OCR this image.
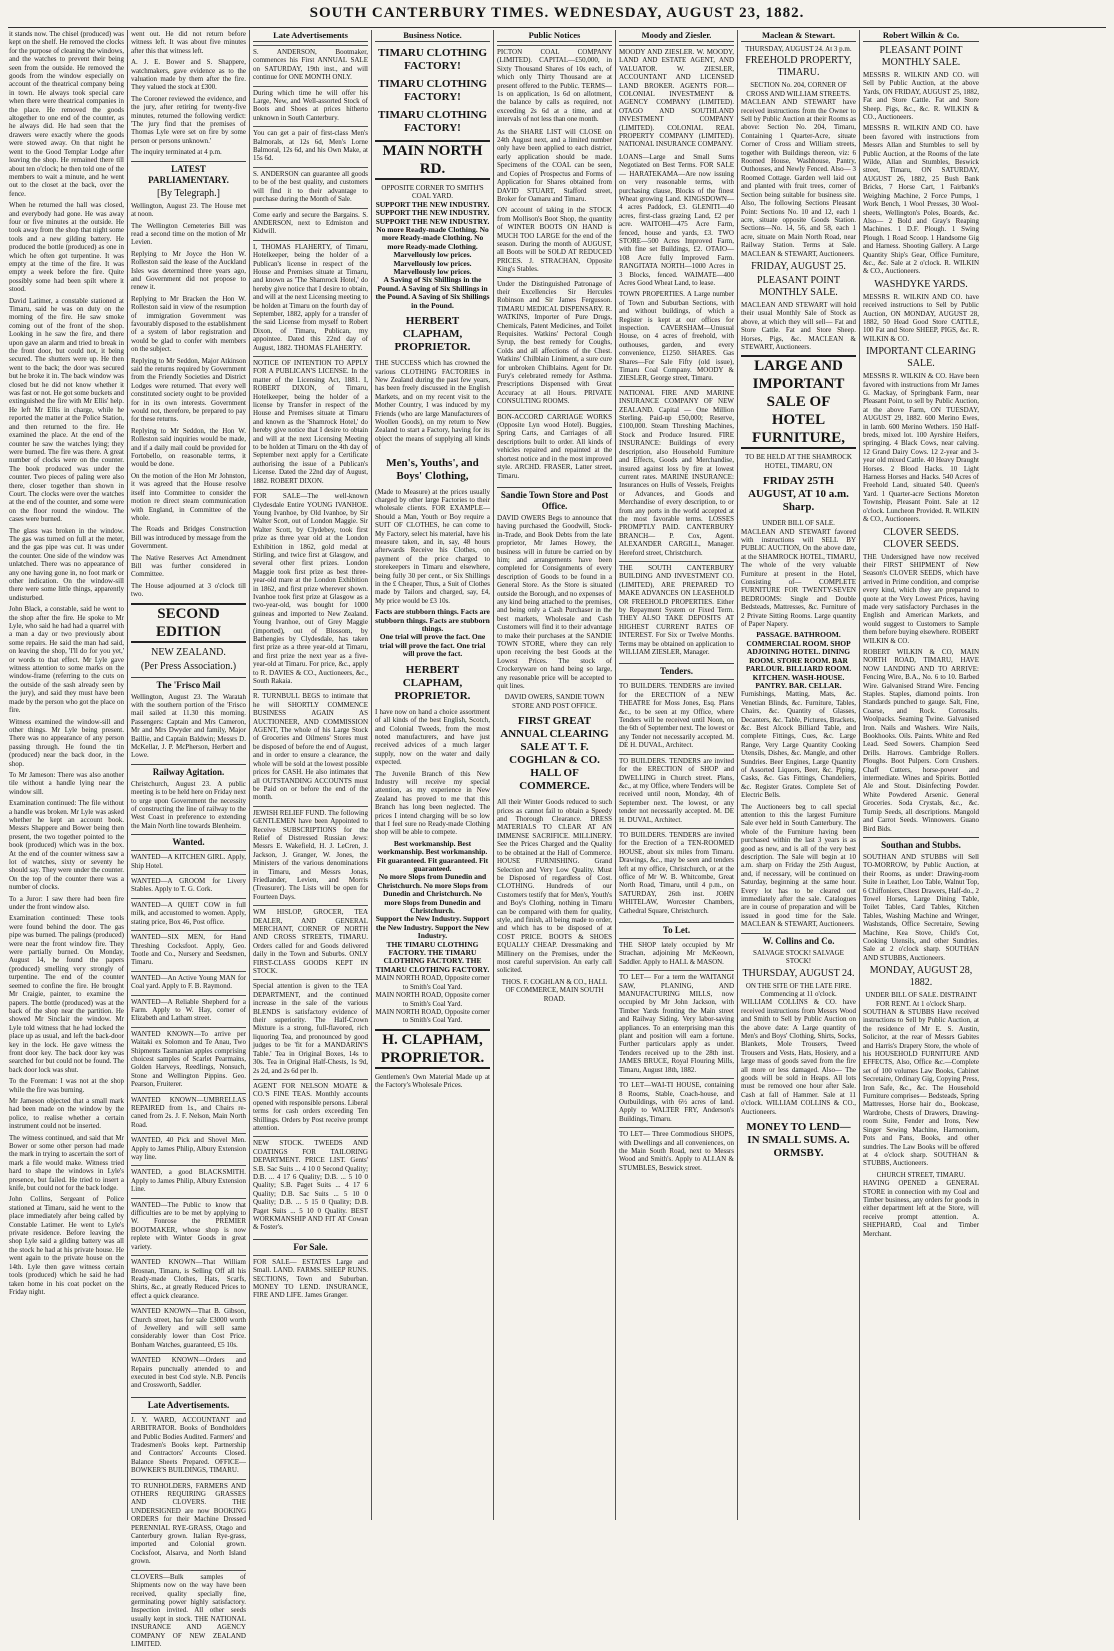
SOUTH CANTERBURY TIMES. WEDNESDAY, AUGUST 23, 1882.
it stands now. The chisel (produced) was kept on the shelf. He removed the clocks for the purpose of cleaning the windows, and the watches to prevent their being seen from the outside. He removed the goods from the window especially on account of the theatrical company being in town. He always took special care when there were theatrical companies in the place. He removed the goods altogether to one end of the counter, as he always did. He had seen that the drawers were exactly where the goods were stowed away. On that night he went to the Good Templar Lodge after leaving the shop. He remained there till about ten o'clock; he then told one of the members to wait a minute, and he went out to the closet at the back, over the fence.
When he returned the hall was closed, and everybody had gone. He was away four or five minutes at the outside. He took away from the shop that night some tools and a new gilding battery. He produced the bottle (produced) as one in which he often got turpentine. It was empty at the time of the fire. It was empty a week before the fire. Quite possibly some had been spilt where it stood.
David Latimer, a constable stationed at Timaru, said he was on duty on the morning of the fire. He saw smoke coming out of the front of the shop. Looking in he saw the fire, and there upon gave an alarm and tried to break in the front door, but could not, it being secured. The shutters were up. He then went to the back; the door was secured but he broke it in. The back window was closed but he did not know whether it was fast or not. He got some buckets and extinguished the fire with Mr Ellis' help. He left Mr Ellis in charge, while he reported the matter at the Police Station, and then returned to the fire. He examined the place. At the end of the counter he saw the watches lying; they were burned. The fire was there. A great number of clocks were on the counter. The book produced was under the counter. Two pieces of paling were also there, closer together than shown in Court. The clocks were over the watches at the end of the counter, and some were on the floor round the window. The cases were burned.
The glass was broken in the window. The gas was turned on full at the meter, and the gas pipe was cut. It was under the counter. One side of the window was unlatched. There was no appearance of any one having gone in, no foot mark or other indication. On the window-sill there were some little things, apparently undisturbed.
John Black, a constable, said he went to the shop after the fire. He spoke to Mr Lyle, who said he had had a quarrel with a man a day or two previously about some repairs. He said the man had said, on leaving the shop, 'I'll do for you yet,' or words to that effect. Mr Lyle gave witness attention to some marks on the window-frame (referring to the cuts on the outside of the sash already seen by the jury), and said they must have been made by the person who got the place on fire.
Witness examined the window-sill and other things. Mr Lyle being present. There was no appearance of any person passing through. He found the tin (produced) near the back door, in the shop.
To Mr Jameson: There was also another tile without a handle lying near the window sill.
Examination continued: The file without a handle was broken. Mr Lyle was asked whether he kept an account book. Messrs Shappere and Bower being then present, the two together pointed to the book (produced) which was in the box. At the end of the counter witness saw a lot of watches, sixty or seventy he should say. They were under the counter. On the top of the counter there was a number of clocks.
To a Juror: I saw there had been fire under the front window also.
Examination continued: These tools were found behind the door. The gas pipe was burned. The palings (produced) were near the front window fire. They were partially burned. On Monday, August 14, he found the papers (produced) smelling very strongly of turpentine. The end of the counter seemed to confine the fire. He brought Mr Craigie, painter, to examine the papers. The bottle (produced) was at the back of the shop near the partition. He showed Mr Sinclair the window. Mr Lyle told witness that he had locked the place up as usual, and left the back-door key in the lock. He gave witness the front door key. The back door key was searched for but could not be found. The back door lock was shut.
To the Foreman: I was not at the shop while the fire was burning.
Mr Jameson objected that a small mark had been made on the window by the police, to realise whether a certain instrument could not be inserted.
The witness continued, and said that Mr Bower or some other person had made the mark in trying to ascertain the sort of mark a file would make. Witness tried hard to shape the windows in Lyle's presence, but failed. He tried to insert a knife, but could not for the back lodge.
John Collins, Sergeant of Police stationed at Timaru, said he went to the place immediately after being called by Constable Latimer. He went to Lyle's private residence. Before leaving the shop Lyle said a gilding battery was all the stock he had at his private house. He went again to the private house on the 14th. Lyle then gave witness certain tools (produced) which he said he had taken home in his coat pocket on the Friday night.
went out. He did not return before witness left. It was about five minutes after this that witness left.
A. J. E. Bower and S. Shappere, watchmakers, gave evidence as to the valuation made by them after the fire. They valued the stock at £300.
The Coroner reviewed the evidence, and the jury, after retiring for twenty-five minutes, returned the following verdict: 'The jury find that the premises of Thomas Lyle were set on fire by some person or persons unknown.'
The inquiry terminated at 4 p.m.
LATEST PARLIAMENTARY.
[By Telegraph.]
Wellington, August 23. The House met at noon.
The Wellington Cemeteries Bill was read a second time on the motion of Mr Levien.
Replying to Mr Joyce the Hon W. Rolleston said the lease of the Auckland Isles was determined three years ago, and Government did not propose to renew it.
Replying to Mr Bracken the Hon W. Rolleston said in view of the resumption of immigration Government was favourably disposed to the establishment of a system of labor registration and would be glad to confer with members on the subject.
Replying to Mr Seddon, Major Atkinson said the returns required by Government from the Friendly Societies and District Lodges were returned. That every well constituted society ought to be provided for in its own interests. Government would not, therefore, be prepared to pay for these returns.
Replying to Mr Seddon, the Hon W. Rolleston said inquiries would be made, and if a daily mail could be provided for Fortobello, on reasonable terms, it would be done.
On the motion of the Hon Mr Johnston, it was agreed that the House resolve itself into Committee to consider the motion re direct steam communication with England, in Committee of the whole.
The Roads and Bridges Construction Bill was introduced by message from the Government.
The Native Reserves Act Amendment Bill was further considered in Committee.
The House adjourned at 3 o'clock till two.
SECOND EDITION
NEW ZEALAND.
(Per Press Association.)
The 'Frisco Mail
Wellington, August 23. The Waratah with the southern portion of the 'Frisco mail sailed at 11.30 this morning. Passengers: Captain and Mrs Cameron, Mr and Mrs Dwyder and family, Major Baillie, and Captain Baldwin; Messrs D. McKellar, J. P. McPherson, Herbert and Lowe.
Railway Agitation.
Christchurch, August 23. A public meeting is to be held here on Friday next to urge upon Government the necessity of constructing the line of railway to the West Coast in preference to extending the Main North line towards Blenheim.
Wanted.
WANTED—A KITCHEN GIRL. Apply, Ship Hotel.
WANTED—A GROOM for Livery Stables. Apply to T. G. Cork.
WANTED—A QUIET COW in full milk, and accustomed to women. Apply, stating price, Box 46, Post office.
WANTED—SIX MEN, for Hand Threshing Cocksfoot. Apply, Geo. Tootle and Co., Nursery and Seedsmen, Timaru.
WANTED—An Active Young MAN for Coal yard. Apply to F. B. Raymond.
WANTED—A Reliable Shepherd for a Farm. Apply to W. Hay, corner of Elizabeth and Latham street.
WANTED KNOWN—To arrive per Waitaki ex Solomon and Te Anau, Two Shipments Tasmanian apples comprising choicest samples of Scarlet Pearmains, Golden Harveys, Reedlings, Nonsuch, Stone and Wellington Pippins. Geo. Pearson, Fruiterer.
WANTED KNOWN—UMBRELLAS REPAIRED from 1s., and Chairs re-caned from 2s. J. F. Nelson, Main North Road.
WANTED, 40 Pick and Shovel Men. Apply to James Philip, Albury Extension way line.
WANTED, a good BLACKSMITH. Apply to James Philip, Albury Extension Line.
WANTED—The Public to know that difficulties are to be met by applying to W. Fonrose the PREMIER BOOTMAKER, whose shop is now replete with Winter Goods in great variety.
WANTED KNOWN—That William Brosnan, Timaru, is Selling Off all his Ready-made Clothes, Hats, Scarfs, Shirts, &c., at greatly Reduced Prices to effect a quick clearance.
WANTED KNOWN—That B. Gibson, Church street, has for sale £3000 worth of Jewellery and will sell same considerably lower than Cost Price. Bonham Watches, guaranteed, £5 10s.
WANTED KNOWN—Orders and Repairs punctually attended to and executed in best Cod style. N.B. Pencils and Crossworth, Saddler.
Late Advertisements.
J. Y. WARD, ACCOUNTANT and ARBITRATOR. Books of Bondholders and Public Bodies Audited. Farmers' and Tradesmen's Books kept. Partnership and Contractors' Accounts Closed. Balance Sheets Prepared. OFFICE—BOWKER'S BUILDINGS, TIMARU.
TO RUNHOLDERS, FARMERS AND OTHERS REQUIRING GRASSES AND CLOVERS. THE UNDERSIGNED are now BOOKING ORDERS for their Machine Dressed PERENNIAL RYE-GRASS, Otago and Canterbury grown. Italian Rye-grass, imported and Colonial grown. Cocksfoot, Alsarva, and North Island grown.
CLOVERS—Bulk samples of Shipments now on the way have been received, quality specially fine, germinating power highly satisfactory. Inspection invited. All other seeds usually kept in stock. THE NATIONAL INSURANCE AND AGENCY COMPANY OF NEW ZEALAND LIMITED.
Late Advertisements
S. ANDERSON, Bootmaker, commences his First ANNUAL SALE on SATURDAY, 19th inst., and will continue for ONE MONTH ONLY.
During which time he will offer his Large, New, and Well-assorted Stock of Boots and Shoes at prices hitherto unknown in South Canterbury.
You can get a pair of first-class Men's Balmorals, at 12s 6d, Men's Lorne Balmoral, 12s 6d, and his Own Make, at 15s 6d.
S. ANDERSON can guarantee all goods to be of the best quality, and customers will find it to their advantage to purchase during the Month of Sale.
Come early and secure the Bargains. S. ANDERSON, next to Edmiston and Kidwill.
I, THOMAS FLAHERTY, of Timaru, Hotelkeeper, being the holder of a Publican's license in respect of the House and Premises situate at Timaru, and known as 'The Shamrock Hotel,' do hereby give notice that I desire to obtain, and will at the next Licensing meeting to be holden at Timaru on the fourth day of September, 1882, apply for a transfer of the said License from myself to Robert Dixon, of Timaru, Publican, my appointee. Dated this 22nd day of August, 1882. THOMAS FLAHERTY.
NOTICE OF INTENTION TO APPLY FOR A PUBLICAN'S LICENSE. In the matter of the Licensing Act, 1881. I, ROBERT DIXON, of Timaru, Hotelkeeper, being the holder of a license by Transfer in respect of the House and Premises situate at Timaru and known as the 'Shamrock Hotel,' do hereby give notice that I desire to obtain and will at the next Licensing Meeting to be holden at Timaru on the 4th day of September next apply for a Certificate authorising the issue of a Publican's License. Dated the 22nd day of August, 1882. ROBERT DIXON.
FOR SALE—The well-known Clydesdale Entire YOUNG IVANHOE. Young Ivanhoe, by Old Ivanhoe, by Sir Walter Scott, out of London Maggie. Sir Walter Scott, by Clydebey, took first prize as three year old at the London Exhibition in 1862, gold medal at Stirling, and twice first at Glasgow, and several other first prizes. London Maggie took first prize as best three-year-old mare at the London Exhibition in 1862, and first prize wherever shown. Ivanhoe took first prize at Glasgow as a two-year-old, was bought for 1000 guineas and imported to New Zealand. Young Ivanhoe, out of Grey Maggie (imported), out of Blossom, by Bathengies by Clydesdale, has taken first prize as a three year-old at Timaru, and first prize the next year as a five-year-old at Timaru. For price, &c., apply to R. DAVIES & CO., Auctioneers, &c., South Rakaia.
R. TURNBULL BEGS to intimate that he will SHORTLY COMMENCE BUSINESS AGAIN AS AUCTIONEER, AND COMMISSION AGENT, The whole of his Large Stock of Groceries and Oilmens' Stores must be disposed of before the end of August, and in order to ensure a clearance, the whole will be sold at the lowest possible prices for CASH. He also intimates that all OUTSTANDING ACCOUNTS must be Paid on or before the end of the month.
JEWISH RELIEF FUND. The following GENTLEMEN have been Appointed to Receive SUBSCRIPTIONS for the Relief of Distressed Russian Jews: Messrs E. Wakefield, H. J. LeCren, J. Jackson, J. Granger, W. Jones, the Ministers of the various denominations in Timaru, and Messrs Jonas, Friedlander, Levien, and Morris (Treasurer). The Lists will be open for Fourteen Days.
WM HISLOP, GROCER, TEA DEALER, AND GENERAL MERCHANT, CORNER OF NORTH AND CROSS STREETS, TIMARU. Orders called for and Goods delivered daily in the Town and Suburbs. ONLY FIRST-CLASS GOODS KEPT IN STOCK.
Special attention is given to the TEA DEPARTMENT, and the continued increase in the sale of the various BLENDS is satisfactory evidence of their superiority. The Half-Crown Mixture is a strong, full-flavored, rich liquoring Tea, and pronounced by good judges to be 'fit for a MANDARIN'S Table.' Tea in Original Boxes, 14s to 30s. Tea in Original Half-Chests, 1s 9d, 2s 2d, and 2s 6d per lb.
AGENT FOR NELSON MOATE & CO.'S FINE TEAS. Monthly accounts opened with responsible persons. Liberal terms for cash orders exceeding Ten Shillings. Orders by Post receive prompt attention.
NEW STOCK. TWEEDS AND COATINGS FOR TAILORING DEPARTMENT. PRICE LIST. Gents' S.B. Sac Suits ... 4 10 0 Second Quality; D.B. ... 4 17 6 Quality; D.B. ... 5 10 0 Quality; S.B. Paget Suits ... 4 17 6 Quality; D.B. Sac Suits ... 5 10 0 Quality; D.B. ... 5 15 0 Quality; D.B. Paget Suits ... 5 10 0 Quality. BEST WORKMANSHIP AND FIT AT Cowan & Foster's.
For Sale.
FOR SALE— ESTATES Large and Small. LAND. FARMS. SHEEP RUNS. SECTIONS, Town and Suburban. MONEY TO LEND. INSURANCE, FIRE AND LIFE. James Granger.
Business Notice.
TIMARU CLOTHING FACTORY!
TIMARU CLOTHING FACTORY!
TIMARU CLOTHING FACTORY!
MAIN NORTH RD.
OPPOSITE CORNER TO SMITH'S COAL YARD.
SUPPORT THE NEW INDUSTRY. SUPPORT THE NEW INDUSTRY. SUPPORT THE NEW INDUSTRY.
No more Ready-made Clothing. No more Ready-made Clothing. No more Ready-made Clothing.
Marvellously low prices. Marvellously low prices. Marvellously low prices.
A Saving of Six Shillings in the Pound. A Saving of Six Shillings in the Pound. A Saving of Six Shillings in the Pound.
HERBERT CLAPHAM, PROPRIETOR.
THE SUCCESS which has crowned the various CLOTHING FACTORIES in New Zealand during the past few years, has been freely discussed in the English Markets, and on my recent visit to the Mother Country, I was induced by my Friends (who are large Manufacturers of Woollen Goods), on my return to New Zealand to start a Factory, having for its object the means of supplying all kinds of
Men's, Youths', and Boys' Clothing,
(Made to Measure) at the prices usually charged by other large Factories to their wholesale clients. FOR EXAMPLE— Should a Man, Youth or Boy require a SUIT OF CLOTHES, he can come to My Factory, select his material, have his measure taken, and in, say, 48 hours afterwards Receive his Clothes, on payment of the price charged to storekeepers in Timaru and elsewhere, being fully 30 per cent., or Six Shillings in the £ Cheaper, Thus, a Suit of Clothes made by Tailors and charged, say, £4, My price would be £3 10s.
Facts are stubborn things. Facts are stubborn things. Facts are stubborn things.
One trial will prove the fact. One trial will prove the fact. One trial will prove the fact.
HERBERT CLAPHAM, PROPRIETOR.
I have now on hand a choice assortment of all kinds of the best English, Scotch, and Colonial Tweeds, from the most noted manufacturers, and have just received advices of a much larger supply, now on the water and daily expected.
The Juvenile Branch of this New Industry will receive my special attention, as my experience in New Zealand has proved to me that this Branch has long been neglected. The prices I intend charging will be so low that I feel sure no Ready-made Clothing shop will be able to compete.
Best workmanship. Best workmanship. Best workmanship.
Fit guaranteed. Fit guaranteed. Fit guaranteed.
No more Slops from Dunedin and Christchurch. No more Slops from Dunedin and Christchurch. No more Slops from Dunedin and Christchurch.
Support the New Industry. Support the New Industry. Support the New Industry.
THE TIMARU CLOTHING FACTORY. THE TIMARU CLOTHING FACTORY. THE TIMARU CLOTHING FACTORY.
MAIN NORTH ROAD, Opposite corner to Smith's Coal Yard.
MAIN NORTH ROAD, Opposite corner to Smith's Coal Yard.
MAIN NORTH ROAD, Opposite corner to Smith's Coal Yard.
H. CLAPHAM, PROPRIETOR.
Gentlemen's Own Material Made up at the Factory's Wholesale Prices.
Public Notices
PICTON COAL COMPANY (LIMITED). CAPITAL—£50,000, in Sixty Thousand Shares of 10s each, of which only Thirty Thousand are at present offered to the Public. TERMS— 1s on application, 1s 6d on allotment, the balance by calls as required, not exceeding 2s 6d at a time, and at intervals of not less than one month.
As the SHARE LIST will CLOSE on 24th August next, and a limited number only have been applied to each district, early application should be made. Specimens of the COAL can be seen, and Copies of Prospectus and Forms of Application for Shares obtained from DAVID STUART, Stafford street, Broker for Oamaru and Timaru.
ON account of taking in the STOCK from Mollison's Boot Shop, the quantity of WINTER BOOTS ON HAND is MUCH TOO LARGE for the end of the season. During the month of AUGUST, all Boots will be SOLD AT REDUCED PRICES. J. STRACHAN, Opposite King's Stables.
Under the Distinguished Patronage of their Excellencies Sir Hercules Robinson and Sir James Fergusson. TIMARU MEDICAL DISPENSARY. R. WATKINS, Importer of Pure Drugs, Chemicals, Patent Medicines, and Toilet Requisites. Watkins' Pectoral Cough Syrup, the best remedy for Coughs, Colds and all affections of the Chest. Watkins' Chilblain Liniment, a sure cure for unbroken Chilblains. Agent for Dr. Fury's celebrated remedy for Asthma. Prescriptions Dispensed with Great Accuracy at all Hours. PRIVATE CONSULTING ROOMS.
BON-ACCORD CARRIAGE WORKS (Opposite Lyn wood Hotel). Buggies, Spring Carts, and Carriages of all descriptions built to order. All kinds of vehicles repaired and repainted at the shortest notice and in the most improved style. ARCHD. FRASER, Latter street, Timaru.
Sandie Town Store and Post Office.
DAVID OWERS Begs to announce that having purchased the Goodwill, Stock-in-Trade, and Book Debts from the late proprietor, Mr James Howey, the business will in future be carried on by him; and arrangements have been completed for Consignments of every description of Goods to be found in a General Store. As the Store is situated outside the Borough, and no expenses of any kind being attached to the premises, and being only a Cash Purchaser in the best markets, Wholesale and Cash Customers will find it to their advantage to make their purchases at the SANDIE TOWN STORE, where they can rely upon receiving the best Goods at the Lowest Prices. The stock of Crockeryware on hand being so large, any reasonable price will be accepted to quit lines.
DAVID OWERS, SANDIE TOWN STORE AND POST OFFICE.
FIRST GREAT ANNUAL CLEARING SALE AT T. F. COGHLAN & CO. HALL OF COMMERCE.
All their Winter Goods reduced to such prices as cannot fail to obtain a Speedy and Thorough Clearance. DRESS MATERIALS TO CLEAR AT AN IMMENSE SACRIFICE. MILLINERY. See the Prices Charged and the Quality to be obtained at the Hall of Commerce. HOUSE FURNISHING. Grand Selection and Very Low Quality. Must be Disposed of regardless of Cost. CLOTHING. Hundreds of our Customers testify that for Men's, Youth's and Boy's Clothing, nothing in Timaru can be compared with them for quality, style, and finish, all being made to order, and which has to be disposed of at COST PRICE. BOOTS & SHOES EQUALLY CHEAP. Dressmaking and Millinery on the Premises, under the most careful supervision. An early call solicited.
THOS. F. COGHLAN & CO., HALL OF COMMERCE, MAIN SOUTH ROAD.
Moody and Ziesler.
MOODY AND ZIESLER. W. MOODY, LAND AND ESTATE AGENT, AND VALUATOR. W. ZIESLER, ACCOUNTANT AND LICENSED LAND BROKER. AGENTS FOR— COLONIAL INVESTMENT & AGENCY COMPANY (LIMITED). OTAGO AND SOUTHLAND INVESTMENT COMPANY (LIMITED). COLONIAL REAL PROPERTY COMPANY (LIMITED). NATIONAL INSURANCE COMPANY.
LOANS—Large and Small Sums Negotiated on Best Terms. FOR SALE— HARATEKAMA—Are now issuing on very reasonable terms, with purchasing clause, Blocks of the finest Wheat growing Land. KINGSDOWN—4 acres Paddock, £3. GLENITI—40 acres, first-class grazing Land, £2 per acre. WAITOHI—475 Acre Farm, fenced, house and yards, £3. TWO STORE—500 Acres Improved Farm, with fine set Buildings, £2. OTAIO—108 Acre fully Improved Farm. RANGITATA NORTH—1000 Acres in 3 Blocks, fenced. WAIMATE—400 Acres Good Wheat Land, to lease.
TOWN PROPERTIES. A Large number of Town and Suburban Sections, with and without buildings, of which a Register is kept at our offices for inspection. CAVERSHAM—Unusual House, on 4 acres of freehold, with outhouses, garden, and every convenience, £1250. SHARES. Gas Shares—For Sale Fifty (old issue), Timaru Coal Company. MOODY & ZIESLER, George street, Timaru.
NATIONAL FIRE AND MARINE INSURANCE COMPANY OF NEW ZEALAND. Capital — One Million Sterling. Paid-up £50,000; Reserve, £100,000. Steam Threshing Machines, Stock and Produce Insured. FIRE INSURANCE: Buildings of every description, also Household Furniture and Effects, Goods and Merchandise, insured against loss by fire at lowest current rates. MARINE INSURANCE: Insurances on Hulls of Vessels, Freights or Advances, and Goods and Merchandise of every description, to or from any ports in the world accepted at the most favorable terms. LOSSES PROMPTLY PAID. CANTERBURY BRANCH— P. Cox, Agent. ALEXANDER CARGILL, Manager. Hereford street, Christchurch.
THE SOUTH CANTERBURY BUILDING AND INVESTMENT CO. (LIMITED), ARE PREPARED TO MAKE ADVANCES ON LEASEHOLD OR FREEHOLD PROPERTIES. Either by Repayment System or Fixed Term. THEY ALSO TAKE DEPOSITS AT HIGHEST CURRENT RATES OF INTEREST. For Six or Twelve Months. Terms may be obtained on application to WILLIAM ZIESLER, Manager.
Tenders.
TO BUILDERS. TENDERS are invited for the ERECTION of a NEW THEATRE for Moss Jones, Esq. Plans &c., to be seen at my Office, where Tenders will be received until Noon, on the 6th of September next. The lowest or any Tender not necessarily accepted. M. DE H. DUVAL, Architect.
TO BUILDERS. TENDERS are invited for the ERECTION of SHOP and DWELLING in Church street. Plans, &c., at my Office, where Tenders will be received until noon, Monday, 4th of September next. The lowest, or any tender not necessarily accepted. M. DE H. DUVAL, Architect.
TO BUILDERS. TENDERS are invited for the Erection of a TEN-ROOMED HOUSE, about six miles from Timaru. Drawings, &c., may be seen and tenders left at my office, Christchurch, or at the office of Mr W. B. Whitcombe, Great North Road, Timaru, until 4 p.m., on SATURDAY, 26th inst. JOHN WHITELAW, Worcester Chambers, Cathedral Square, Christchurch.
To Let.
THE SHOP lately occupied by Mr Strachan, adjoining Mr McKeown, Saddler. Apply to HALL & MASON.
TO LET— For a term the WAITANGI SAW, PLANING, AND MANUFACTURING MILLS, now occupied by Mr John Jackson, with Timber Yards fronting the Main street and Railway Siding. Very labor-saving appliances. To an enterprising man this plant and position will earn a fortune. Further particulars apply as under. Tenders received up to the 28th inst. JAMES BRUCE, Royal Flouring Mills, Timaru, August 18th, 1882.
TO LET—WAI-TI HOUSE, containing 8 Rooms, Stable, Coach-house, and Outbuildings, with 6½ acres of land. Apply to WALTER FRY, Anderson's Buildings, Timaru.
TO LET— Three Commodious SHOPS, with Dwellings and all conveniences, on the Main South Road, next to Messrs Wood and Smith's. Apply to ALLAN & STUMBLES, Beswick street.
Maclean & Stewart.
THURSDAY, AUGUST 24. At 3 p.m.
FREEHOLD PROPERTY, TIMARU.
SECTION No. 204, CORNER OF CROSS AND WILLIAM STREETS.
MACLEAN AND STEWART have received instructions from the Owner to Sell by Public Auction at their Rooms as above: Section No. 204, Timaru, Containing 1 Quarter-Acre, situate Corner of Cross and William streets, together with Buildings thereon, viz: 6 Roomed House, Washhouse, Pantry, Outhouses, and Newly Fenced. Also— 3 Roomed Cottage. Garden well laid out and planted with fruit trees, corner of Section being suitable for business site. Also, The following Sections Pleasant Point: Sections No. 10 and 12, each 1 acre, situate opposite Goods Station. Sections—No. 14, 56, and 58, each 1 acre, situate on Main North Road, near Railway Station. Terms at Sale. MACLEAN & STEWART, Auctioneers.
FRIDAY, AUGUST 25.
PLEASANT POINT MONTHLY SALE.
MACLEAN AND STEWART will hold their usual Monthly Sale of Stock as above, at which they will sell— Fat and Store Cattle. Fat and Store Sheep. Horses, Pigs, &c. MACLEAN & STEWART, Auctioneers.
LARGE AND IMPORTANT SALE OF HOTEL FURNITURE,
TO BE HELD AT THE SHAMROCK HOTEL, TIMARU, ON
FRIDAY 25TH AUGUST, AT 10 a.m. Sharp.
UNDER BILL OF SALE.
MACLEAN AND STEWART favored with instructions will SELL BY PUBLIC AUCTION, On the above date, at the SHAMROCK HOTEL, TIMARU, The whole of the very valuable Furniture at present in the Hotel, Consisting of— COMPLETE FURNITURE FOR TWENTY-SEVEN BEDROOMS: Single and Double Bedsteads, Mattresses, &c. Furniture of 2 Private Sitting Rooms. Large quantity of Paper Napery.
PASSAGE. BATHROOM. COMMERCIAL ROOM. SHOP ADJOINING HOTEL. DINING ROOM. STORE ROOM. BAR PARLOUR. BILLIARD ROOM. KITCHEN. WASH-HOUSE. PANTRY. BAR. CELLAR.
Furnishings, Matting, Mats, &c. Venetian Blinds, &c. Furniture, Tables, Chairs, &c. Quantity of Glasses, Decanters, &c. Table, Pictures, Brackets, &c. Best Alcock Billiard Table, and complete Fittings, Cues, &c. Large Range, Very Large Quantity Cooking Utensils, Dishes, &c. Mangle, and other Sundries. Beer Engines, Large Quantity of Assorted Liquors, Beer, &c. Piping, Casks, &c. Gas Fittings, Chandeliers, &c. Register Grates. Complete Set of Electric Bells.
The Auctioneers beg to call special attention to this the largest Furniture Sale ever held in South Canterbury. The whole of the Furniture having been purchased within the last 3 years is as good as new, and is all of the very best description. The Sale will begin at 10 a.m. sharp on Friday the 25th August, and, if necessary, will be continued on Saturday, beginning at the same hour. Every lot has to be cleared out immediately after the sale. Catalogues are in course of preparation and will be issued in good time for the Sale. MACLEAN & STEWART, Auctioneers.
W. Collins and Co.
SALVAGE STOCK! SALVAGE STOCK!
THURSDAY, AUGUST 24.
ON THE SITE OF THE LATE FIRE. Commencing at 11 o'clock.
WILLIAM COLLINS & CO. have received instructions from Messrs Wood and Smith to Sell by Public Auction on the above date: A Large quantity of Men's and Boys' Clothing, Shirts, Socks, Blankets, Mole Trousers, Tweed Trousers and Vests, Hats, Hosiery, and a large mass of goods saved from the fire all more or less damaged. Also— The goods will be sold in Heaps. All lots must be removed one hour after Sale. Cash at fall of Hammer. Sale at 11 o'clock. WILLIAM COLLINS & CO., Auctioneers.
MONEY TO LEND—IN SMALL SUMS. A. ORMSBY.
Robert Wilkin & Co.
PLEASANT POINT MONTHLY SALE.
MESSRS R. WILKIN AND CO. will Sell by Public Auction, at the above Yards, ON FRIDAY, AUGUST 25, 1882, Fat and Store Cattle. Fat and Store Sheep. Pigs, &c., &c. R. WILKIN & CO., Auctioneers.
MESSRS R. WILKIN AND CO. have been favored with instructions from Messrs Allan and Stumbles to sell by Public Auction, at the Rooms of the late Wilde, Allan and Stumbles, Beswick street, Timaru, ON SATURDAY, AUGUST 26, 1882, 25 Bush Bank Bricks, 7 Horse Cart, 1 Fairbank's Weighing Machine, 2 Force Pumps, 1 Work Bench, 1 Wool Presses, 30 Wool-sheets, Wellington's Poles, Boards, &c. Also— 2 Bold and Gray's Reaping Machines. 1 D.F. Plough. 1 Swing Plough. 1 Road Scoop. 1 Handsome Gig and Harness. Shooting Gallery. A Large Quantity Ship's Gear, Office Furniture, &c., &c. Sale at 2 o'clock. R. WILKIN & CO., Auctioneers.
WASHDYKE YARDS.
MESSRS R. WILKIN AND CO. have received instructions to Sell by Public Auction, ON MONDAY, AUGUST 28, 1882, 50 Head Good Store CATTLE, 100 Fat and Store SHEEP, PIGS, &c. R. WILKIN & CO.
IMPORTANT CLEARING SALE.
MESSRS R. WILKIN & CO. Have been favored with instructions from Mr James G. Mackay, of Springbank Farm, near Pleasant Point, to sell by Public Auction, at the above Farm, ON TUESDAY, AUGUST 29, 1882. 600 Merino Ewes, in lamb. 600 Merino Wethers. 150 Half-breds, mixed lot. 100 Ayrshire Heifers, springing. 4 Black Cows, near calving. 12 Grand Dairy Cows. 12 2-year and 3-year old mixed Cattle. 40 Heavy Draught Horses. 2 Blood Hacks. 10 Light Harness Horses and Hacks. 540 Acres of Freehold Land, situated 540. Queen's Yard. 1 Quarter-acre Sections Moreton Township, Pleasant Point. Sale at 12 o'clock. Luncheon Provided. R. WILKIN & CO., Auctioneers.
CLOVER SEEDS. CLOVER SEEDS.
THE Undersigned have now received their FIRST SHIPMENT of New Season's CLOVER SEEDS, which have arrived in Prime condition, and comprise every kind, which they are prepared to quote at the Very Lowest Prices, having made very satisfactory Purchases in the English and American Markets, and would suggest to Customers to Sample them before buying elsewhere. ROBERT WILKIN & CO.
ROBERT WILKIN & CO, MAIN NORTH ROAD, TIMARU, HAVE NOW LANDING AND TO ARRIVE: Fencing Wire, B.A., No. 6 to 10. Barbed Wire. Galvanised Strand Wire. Fencing Staples. Staples, diamond points. Iron Standards punched to gauge. Salt, Fine, Coarse, and Rock. Corrosalts. Woolpacks. Seaming Twine. Galvanised Iron. Nails and Washers. Wire Nails, Bookhooks. Oils. Paints. White and Red Lead. Seed Sowers. Champion Seed Drills. Harrows. Cambridge Rollers. Ploughs. Boot Pulpers. Corn Crushers. Chaff Cutters, horse-power and intermediate. Wines and Spirits. Bottled Ale and Stout. Disinfecting Powder. White Powdered Arsenic. General Groceries. Soda Crystals, &c., &c. Turnip Seeds, all descriptions. Mangold and Carrot Seeds. Winnowers. Guano Bird Bids.
Southan and Stubbs.
SOUTHAN AND STUBBS will Sell TO-MORROW, by Public Auction, at their Rooms, as under: Drawing-room Suite in Leather, Loo Table, Walnut Top, 6 Chiffoniers, Chest Drawers, Half-do., 2 Towel Horses, Large Dining Table, Toilet Tables, Card Tables, Kitchen Tables, Washing Machine and Wringer, Washstands, Office Secretaire, Sewing Machine, Kea Stove, Child's Cot, Cooking Utensils, and other Sundries. Sale at 2 o'clock sharp. SOUTHAN AND STUBBS, Auctioneers.
MONDAY, AUGUST 28, 1882.
UNDER BILL OF SALE. DISTRAINT FOR RENT. At 1 o'clock Sharp.
SOUTHAN & STUBBS Have received instructions to Sell by Public Auction, at the residence of Mr E. S. Austin, Solicitor, at the rear of Messrs Gabites and Harris's Drapery Store, the whole of his HOUSEHOLD FURNITURE AND EFFECTS, Also, Office &c.—Complete set of 100 volumes Law Books, Cabinet Secretaire, Ordinary Gig, Copying Press, Iron Safe, &c., &c. The Household Furniture comprises— Bedsteads, Spring Mattresses, Horse hair do., Bookcase, Wardrobe, Chests of Drawers, Drawing-room Suite, Fender and Irons, New Singer Sewing Machine, Harmonium, Pots and Pans, Books, and other sundries. The Law Books will be offered at 4 o'clock sharp. SOUTHAN & STUBBS, Auctioneers.
CHURCH STREET, TIMARU.
HAVING OPENED a GENERAL STORE in connection with my Coal and Timber business, any orders for goods in either department left at the Store, will receive prompt attention. A. SHEPHARD, Coal and Timber Merchant.
